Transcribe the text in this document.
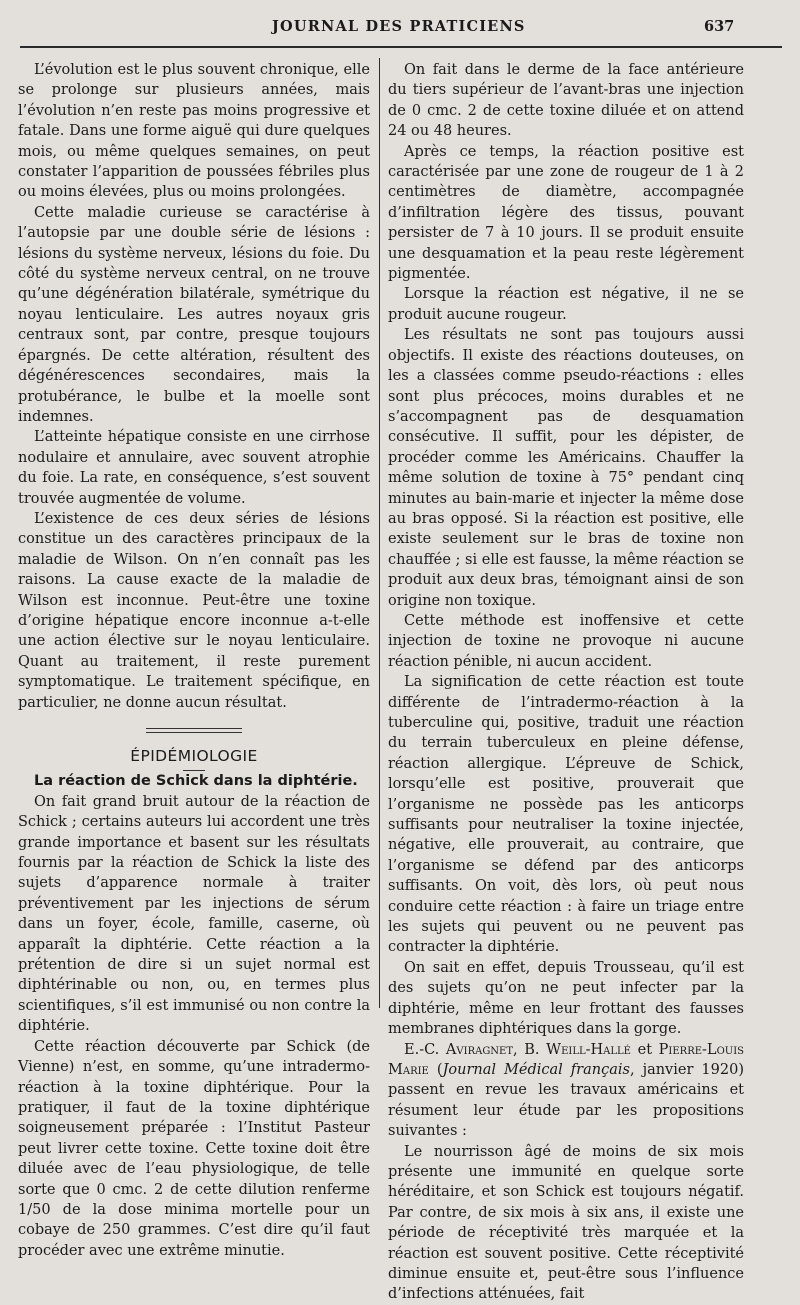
JOURNAL DES PRATICIENS	637

L’évolution est le plus souvent chronique, elle se prolonge sur plusieurs années, mais l’évolution n’en reste pas moins progressive et fatale. Dans une forme aiguë qui dure quelques mois, ou même quelques semaines, on peut constater l’apparition de poussées fébriles plus ou moins élevées, plus ou moins prolongées.

Cette maladie curieuse se caractérise à l’autopsie par une double série de lésions : lésions du système nerveux, lésions du foie. Du côté du système nerveux central, on ne trouve qu’une dégénération bilatérale, symétrique du noyau lenticulaire. Les autres noyaux gris centraux sont, par contre, presque toujours épargnés. De cette altération, résultent des dégénérescences secondaires, mais la protubérance, le bulbe et la moelle sont indemnes.

L’atteinte hépatique consiste en une cirrhose nodulaire et annulaire, avec souvent atrophie du foie. La rate, en conséquence, s’est souvent trouvée augmentée de volume.

L’existence de ces deux séries de lésions constitue un des caractères principaux de la maladie de Wilson. On n’en connaît pas les raisons. La cause exacte de la maladie de Wilson est inconnue. Peut-être une toxine d’origine hépatique encore inconnue a-t-elle une action élective sur le noyau lenticulaire. Quant au traitement, il reste purement symptomatique. Le traitement spécifique, en particulier, ne donne aucun résultat.

ÉPIDÉMIOLOGIE

La réaction de Schick dans la diphtérie.

On fait grand bruit autour de la réaction de Schick ; certains auteurs lui accordent une très grande importance et basent sur les résultats fournis par la réaction de Schick la liste des sujets d’apparence normale à traiter préventivement par les injections de sérum dans un foyer, école, famille, caserne, où apparaît la diphtérie. Cette réaction a la prétention de dire si un sujet normal est diphtérinable ou non, ou, en termes plus scientifiques, s’il est immunisé ou non contre la diphtérie.

Cette réaction découverte par Schick (de Vienne) n’est, en somme, qu’une intradermo-réaction à la toxine diphtérique. Pour la pratiquer, il faut de la toxine diphtérique soigneusement préparée : l’Institut Pasteur peut livrer cette toxine. Cette toxine doit être diluée avec de l’eau physiologique, de telle sorte que 0 cmc. 2 de cette dilution renferme 1/50 de la dose minima mortelle pour un cobaye de 250 grammes. C’est dire qu’il faut procéder avec une extrême minutie.

On fait dans le derme de la face antérieure du tiers supérieur de l’avant-bras une injection de 0 cmc. 2 de cette toxine diluée et on attend 24 ou 48 heures.

Après ce temps, la réaction positive est caractérisée par une zone de rougeur de 1 à 2 centimètres de diamètre, accompagnée d’infiltration légère des tissus, pouvant persister de 7 à 10 jours. Il se produit ensuite une desquamation et la peau reste légèrement pigmentée.

Lorsque la réaction est négative, il ne se produit aucune rougeur.

Les résultats ne sont pas toujours aussi objectifs. Il existe des réactions douteuses, on les a classées comme pseudo-réactions : elles sont plus précoces, moins durables et ne s’accompagnent pas de desquamation consécutive. Il suffit, pour les dépister, de procéder comme les Américains. Chauffer la même solution de toxine à 75° pendant cinq minutes au bain-marie et injecter la même dose au bras opposé. Si la réaction est positive, elle existe seulement sur le bras de toxine non chauffée ; si elle est fausse, la même réaction se produit aux deux bras, témoignant ainsi de son origine non toxique.

Cette méthode est inoffensive et cette injection de toxine ne provoque ni aucune réaction pénible, ni aucun accident.

La signification de cette réaction est toute différente de l’intradermo-réaction à la tuberculine qui, positive, traduit une réaction du terrain tuberculeux en pleine défense, réaction allergique. L’épreuve de Schick, lorsqu’elle est positive, prouverait que l’organisme ne possède pas les anticorps suffisants pour neutraliser la toxine injectée, négative, elle prouverait, au contraire, que l’organisme se défend par des anticorps suffisants. On voit, dès lors, où peut nous conduire cette réaction : à faire un triage entre les sujets qui peuvent ou ne peuvent pas contracter la diphtérie.

On sait en effet, depuis Trousseau, qu’il est des sujets qu’on ne peut infecter par la diphtérie, même en leur frottant des fausses membranes diphtériques dans la gorge.

E.-C. Aviragnet, B. Weill-Hallé et Pierre-Louis Marie (Journal Médical français, janvier 1920) passent en revue les travaux américains et résument leur étude par les propositions suivantes :

Le nourrisson âgé de moins de six mois présente une immunité en quelque sorte héréditaire, et son Schick est toujours négatif. Par contre, de six mois à six ans, il existe une période de réceptivité très marquée et la réaction est souvent positive. Cette réceptivité diminue ensuite et, peut-être sous l’influence d’infections atténuées, fait
